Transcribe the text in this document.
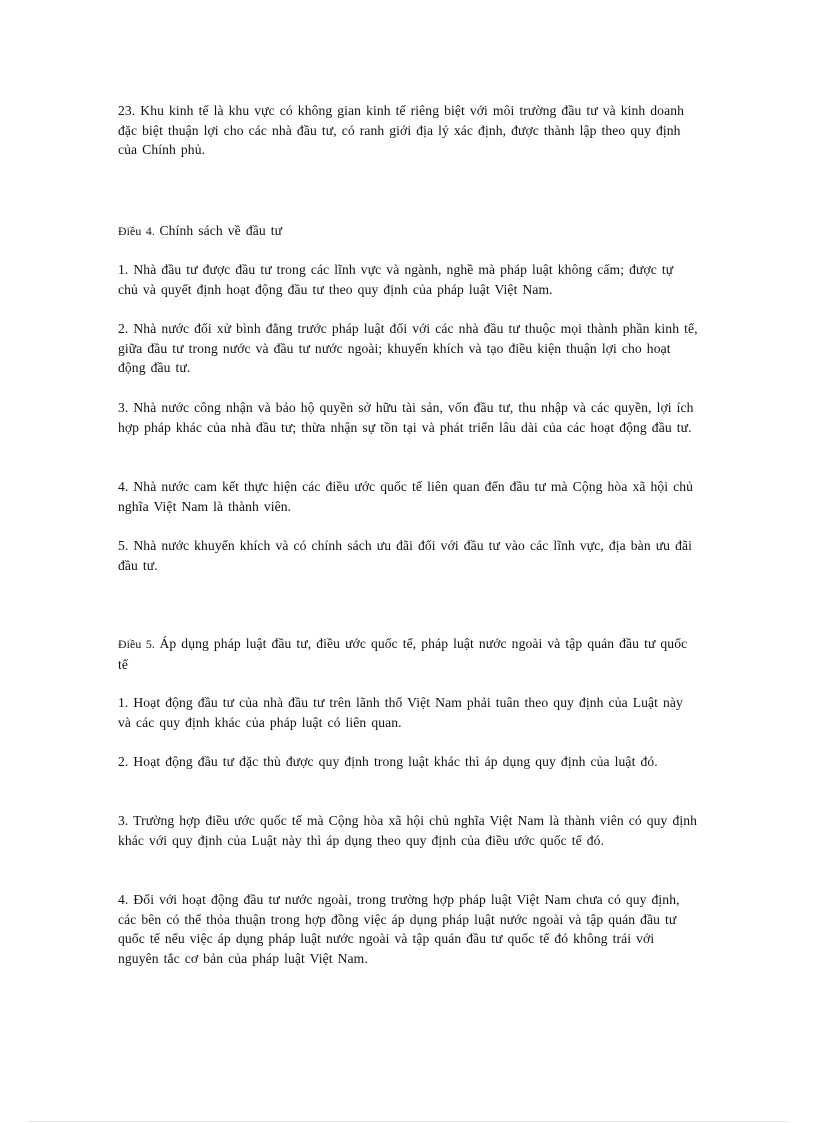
23. Khu kinh tế là khu vực có không gian kinh tế riêng biệt với môi trường đầu tư và kinh doanh đặc biệt thuận lợi cho các nhà đầu tư, có ranh giới địa lý xác định, được thành lập theo quy định của Chính phủ.
Điều 4. Chính sách về đầu tư
1. Nhà đầu tư được đầu tư trong các lĩnh vực và ngành, nghề mà pháp luật không cấm; được tự chủ và quyết định hoạt động đầu tư theo quy định của pháp luật Việt Nam.
2. Nhà nước đối xử bình đẳng trước pháp luật đối với các nhà đầu tư thuộc mọi thành phần kinh tế, giữa đầu tư trong nước và đầu tư nước ngoài; khuyến khích và tạo điều kiện thuận lợi cho hoạt động đầu tư.
3. Nhà nước công nhận và bảo hộ quyền sở hữu tài sản, vốn đầu tư, thu nhập và các quyền, lợi ích hợp pháp khác của nhà đầu tư; thừa nhận sự tồn tại và phát triển lâu dài của các hoạt động đầu tư.
4. Nhà nước cam kết thực hiện các điều ước quốc tế liên quan đến đầu tư mà Cộng hòa xã hội chủ nghĩa Việt Nam là thành viên.
5. Nhà nước khuyến khích và có chính sách ưu đãi đối với đầu tư vào các lĩnh vực, địa bàn ưu đãi đầu tư.
Điều 5. Áp dụng pháp luật đầu tư, điều ước quốc tế, pháp luật nước ngoài và tập quán đầu tư quốc tế
1. Hoạt động đầu tư của nhà đầu tư trên lãnh thổ Việt Nam phải tuân theo quy định của Luật này và các quy định khác của pháp luật có liên quan.
2. Hoạt động đầu tư đặc thù được quy định trong luật khác thì áp dụng quy định của luật đó.
3. Trường hợp điều ước quốc tế mà Cộng hòa xã hội chủ nghĩa Việt Nam là thành viên có quy định khác với quy định của Luật này thì áp dụng theo quy định của điều ước quốc tế đó.
4. Đối với hoạt động đầu tư nước ngoài, trong trường hợp pháp luật Việt Nam chưa có quy định, các bên có thể thỏa thuận trong hợp đồng việc áp dụng pháp luật nước ngoài và tập quán đầu tư quốc tế nếu việc áp dụng pháp luật nước ngoài và tập quán đầu tư quốc tế đó không trái với nguyên tắc cơ bản của pháp luật Việt Nam.
